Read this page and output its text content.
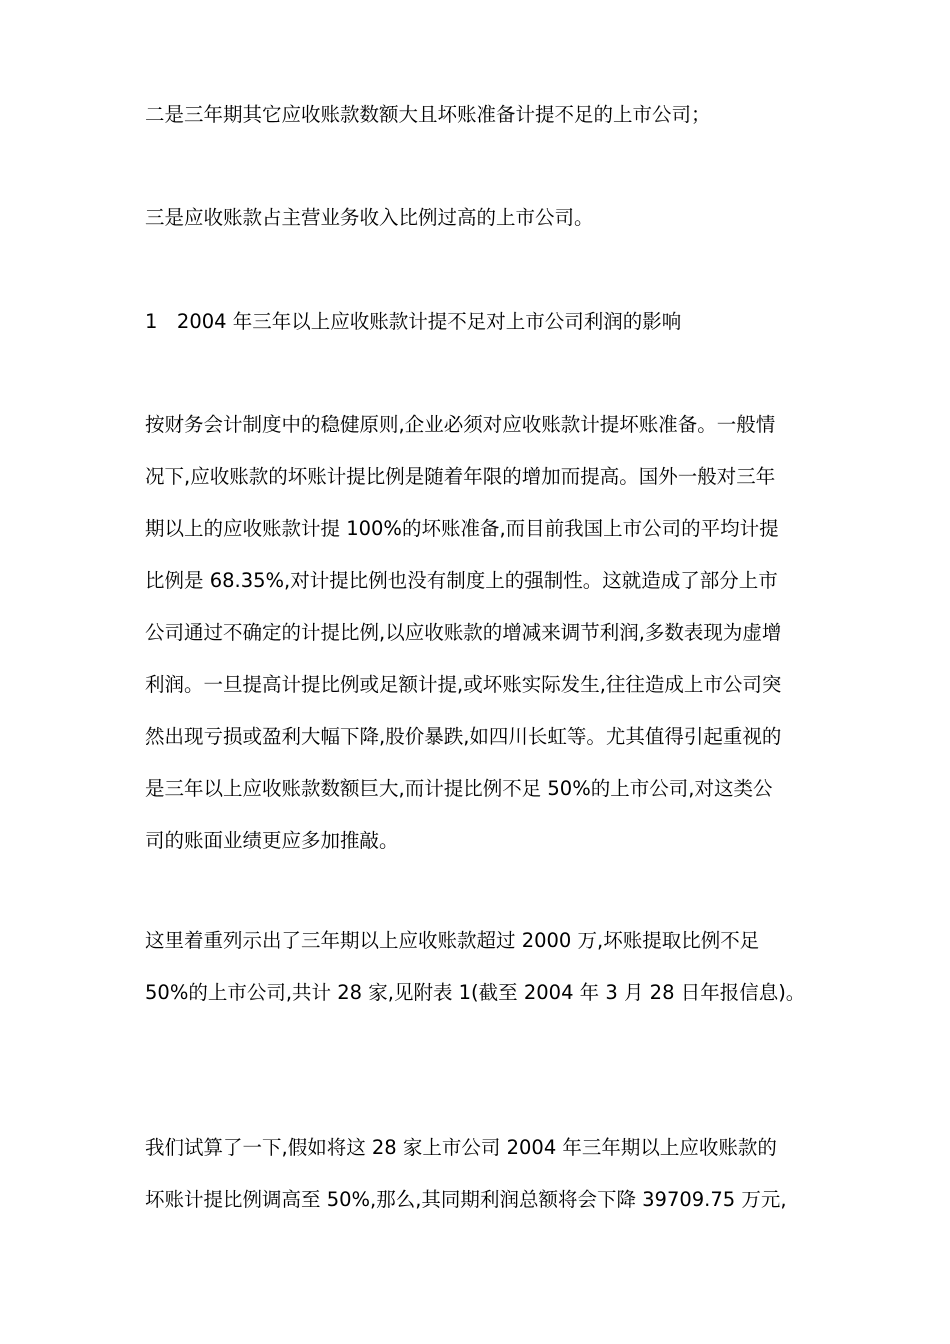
二是三年期其它应收账款数额大且坏账准备计提不足的上市公司；

三是应收账款占主营业务收入比例过高的上市公司。

1　2004 年三年以上应收账款计提不足对上市公司利润的影响

按财务会计制度中的稳健原则,企业必须对应收账款计提坏账准备。一般情
况下,应收账款的坏账计提比例是随着年限的增加而提高。国外一般对三年
期以上的应收账款计提 100%的坏账准备,而目前我国上市公司的平均计提
比例是 68.35%,对计提比例也没有制度上的强制性。这就造成了部分上市
公司通过不确定的计提比例,以应收账款的增减来调节利润,多数表现为虚增
利润。一旦提高计提比例或足额计提,或坏账实际发生,往往造成上市公司突
然出现亏损或盈利大幅下降,股价暴跌,如四川长虹等。尤其值得引起重视的
是三年以上应收账款数额巨大,而计提比例不足 50%的上市公司,对这类公
司的账面业绩更应多加推敲。

这里着重列示出了三年期以上应收账款超过 2000 万,坏账提取比例不足
50%的上市公司,共计 28 家,见附表 1(截至 2004 年 3 月 28 日年报信息)。

我们试算了一下,假如将这 28 家上市公司 2004 年三年期以上应收账款的
坏账计提比例调高至 50%,那么,其同期利润总额将会下降 39709.75 万元,
